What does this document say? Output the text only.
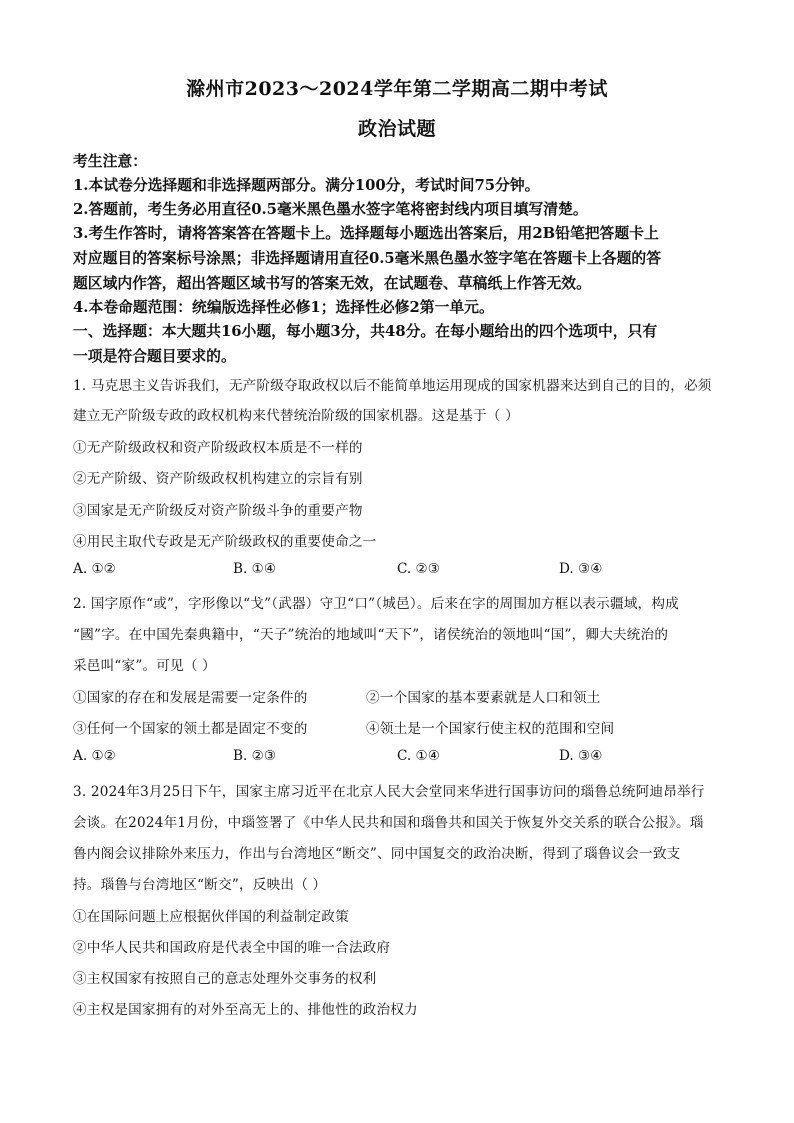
滁州市2023～2024学年第二学期高二期中考试
政治试题
考生注意：
1.本试卷分选择题和非选择题两部分。满分100分，考试时间75分钟。
2.答题前，考生务必用直径0.5毫米黑色墨水签字笔将密封线内项目填写清楚。
3.考生作答时，请将答案答在答题卡上。选择题每小题选出答案后，用2B铅笔把答题卡上
对应题目的答案标号涂黑；非选择题请用直径0.5毫米黑色墨水签字笔在答题卡上各题的答
题区域内作答，超出答题区域书写的答案无效，在试题卷、草稿纸上作答无效。
4.本卷命题范围：统编版选择性必修1；选择性必修2第一单元。
一、选择题：本大题共16小题，每小题3分，共48分。在每小题给出的四个选项中，只有
一项是符合题目要求的。
1. 马克思主义告诉我们，无产阶级夺取政权以后不能简单地运用现成的国家机器来达到自己的目的，必须
建立无产阶级专政的政权机构来代替统治阶级的国家机器。这是基于（ ）
①无产阶级政权和资产阶级政权本质是不一样的
②无产阶级、资产阶级政权机构建立的宗旨有别
③国家是无产阶级反对资产阶级斗争的重要产物
④用民主取代专政是无产阶级政权的重要使命之一
A. ①②	B. ①④	C. ②③	D. ③④
2. 国字原作“或”，字形像以“戈”（武器）守卫“口”（城邑）。后来在字的周围加方框以表示疆域，构成
“國”字。在中国先秦典籍中，“天子”统治的地域叫“天下”，诸侯统治的领地叫“国”，卿大夫统治的
采邑叫“家”。可见（ ）
①国家的存在和发展是需要一定条件的	②一个国家的基本要素就是人口和领土
③任何一个国家的领土都是固定不变的	④领土是一个国家行使主权的范围和空间
A. ①②	B. ②③	C. ①④	D. ③④
3. 2024年3月25日下午，国家主席习近平在北京人民大会堂同来华进行国事访问的瑙鲁总统阿迪昂举行
会谈。在2024年1月份，中瑙签署了《中华人民共和国和瑙鲁共和国关于恢复外交关系的联合公报》。瑙
鲁内阁会议排除外来压力，作出与台湾地区“断交”、同中国复交的政治决断，得到了瑙鲁议会一致支
持。瑙鲁与台湾地区“断交”，反映出（ ）
①在国际问题上应根据伙伴国的利益制定政策
②中华人民共和国政府是代表全中国的唯一合法政府
③主权国家有按照自己的意志处理外交事务的权利
④主权是国家拥有的对外至高无上的、排他性的政治权力
